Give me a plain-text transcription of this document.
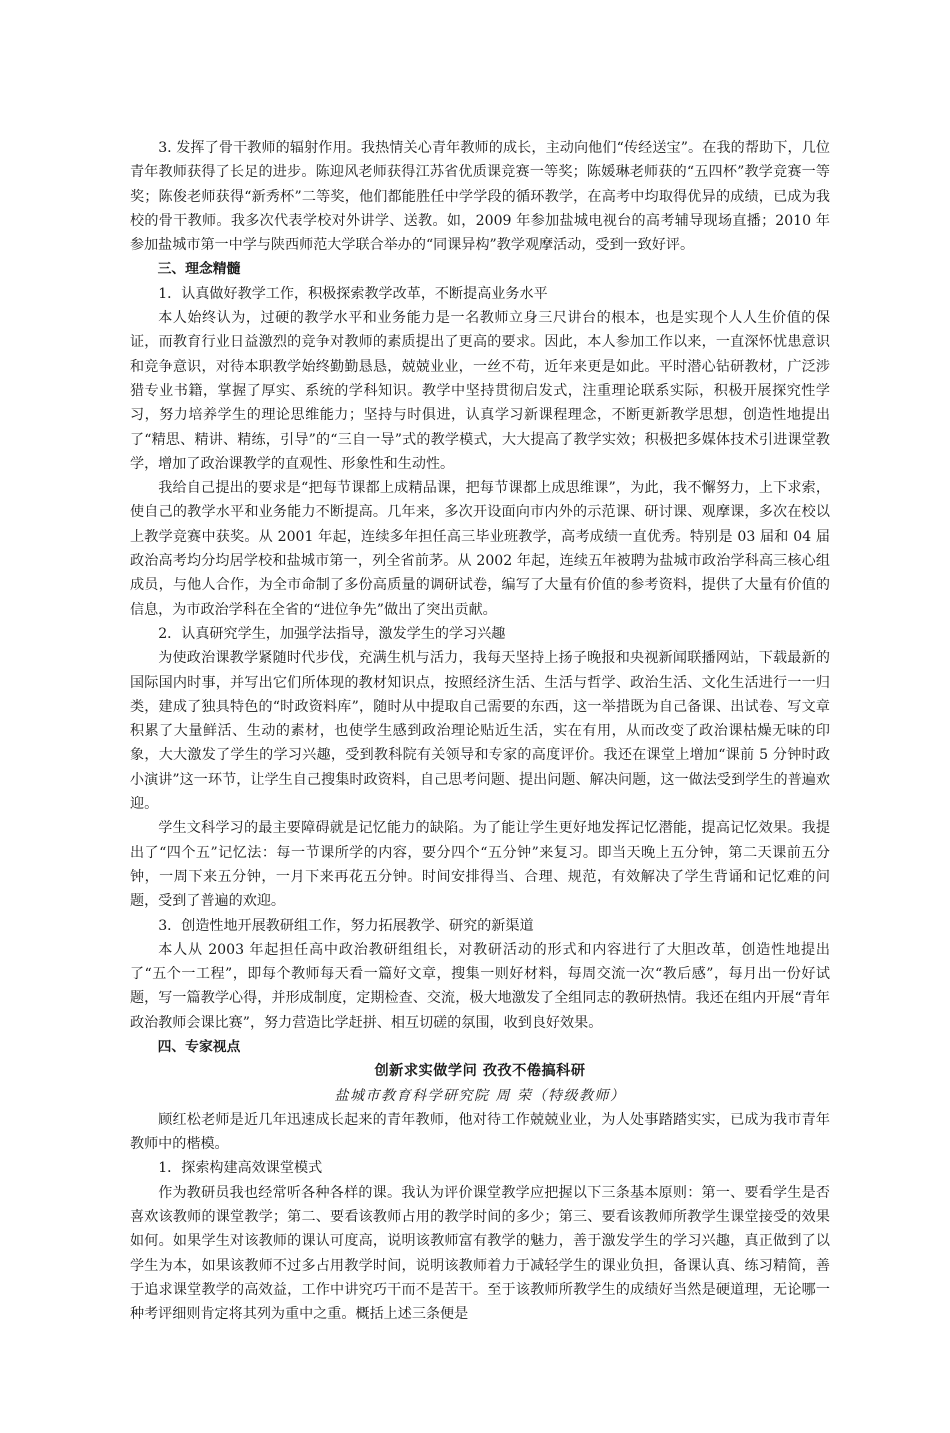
3. 发挥了骨干教师的辐射作用。我热情关心青年教师的成长，主动向他们“传经送宝”。在我的帮助下，几位青年教师获得了长足的进步。陈迎风老师获得江苏省优质课竞赛一等奖；陈媛琳老师获的“五四杯”教学竞赛一等奖；陈俊老师获得“新秀杯”二等奖，他们都能胜任中学学段的循环教学，在高考中均取得优异的成绩，已成为我校的骨干教师。我多次代表学校对外讲学、送教。如，2009 年参加盐城电视台的高考辅导现场直播；2010 年参加盐城市第一中学与陕西师范大学联合举办的“同课异构”教学观摩活动，受到一致好评。

三、理念精髓

1．认真做好教学工作，积极探索教学改革，不断提高业务水平

本人始终认为，过硬的教学水平和业务能力是一名教师立身三尺讲台的根本，也是实现个人人生价值的保证，而教育行业日益激烈的竞争对教师的素质提出了更高的要求。因此，本人参加工作以来，一直深怀忧患意识和竞争意识，对待本职教学始终勤勤恳恳，兢兢业业，一丝不苟，近年来更是如此。平时潜心钻研教材，广泛涉猎专业书籍，掌握了厚实、系统的学科知识。教学中坚持贯彻启发式，注重理论联系实际，积极开展探究性学习，努力培养学生的理论思维能力；坚持与时俱进，认真学习新课程理念，不断更新教学思想，创造性地提出了“精思、精讲、精练，引导”的“三自一导”式的教学模式，大大提高了教学实效；积极把多媒体技术引进课堂教学，增加了政治课教学的直观性、形象性和生动性。

我给自己提出的要求是“把每节课都上成精品课，把每节课都上成思维课”，为此，我不懈努力，上下求索，使自己的教学水平和业务能力不断提高。几年来，多次开设面向市内外的示范课、研讨课、观摩课，多次在校以上教学竞赛中获奖。从 2001 年起，连续多年担任高三毕业班教学，高考成绩一直优秀。特别是 03 届和 04 届政治高考均分均居学校和盐城市第一，列全省前茅。从 2002 年起，连续五年被聘为盐城市政治学科高三核心组成员，与他人合作，为全市命制了多份高质量的调研试卷，编写了大量有价值的参考资料，提供了大量有价值的信息，为市政治学科在全省的“进位争先”做出了突出贡献。

2．认真研究学生，加强学法指导，激发学生的学习兴趣

为使政治课教学紧随时代步伐，充满生机与活力，我每天坚持上扬子晚报和央视新闻联播网站，下载最新的国际国内时事，并写出它们所体现的教材知识点，按照经济生活、生活与哲学、政治生活、文化生活进行一一归类，建成了独具特色的“时政资料库”，随时从中提取自己需要的东西，这一举措既为自己备课、出试卷、写文章积累了大量鲜活、生动的素材，也使学生感到政治理论贴近生活，实在有用，从而改变了政治课枯燥无味的印象，大大激发了学生的学习兴趣，受到教科院有关领导和专家的高度评价。我还在课堂上增加“课前 5 分钟时政小演讲”这一环节，让学生自己搜集时政资料，自己思考问题、提出问题、解决问题，这一做法受到学生的普遍欢迎。

学生文科学习的最主要障碍就是记忆能力的缺陷。为了能让学生更好地发挥记忆潜能，提高记忆效果。我提出了“四个五”记忆法：每一节课所学的内容，要分四个“五分钟”来复习。即当天晚上五分钟，第二天课前五分钟，一周下来五分钟，一月下来再花五分钟。时间安排得当、合理、规范，有效解决了学生背诵和记忆难的问题，受到了普遍的欢迎。

3．创造性地开展教研组工作，努力拓展教学、研究的新渠道

本人从 2003 年起担任高中政治教研组组长，对教研活动的形式和内容进行了大胆改革，创造性地提出了“五个一工程”，即每个教师每天看一篇好文章，搜集一则好材料，每周交流一次“教后感”，每月出一份好试题，写一篇教学心得，并形成制度，定期检查、交流，极大地激发了全组同志的教研热情。我还在组内开展“青年政治教师会课比赛”，努力营造比学赶拼、相互切磋的氛围，收到良好效果。

四、专家视点

创新求实做学问 孜孜不倦搞科研

盐城市教育科学研究院 周 荣（特级教师）

顾红松老师是近几年迅速成长起来的青年教师，他对待工作兢兢业业，为人处事踏踏实实，已成为我市青年教师中的楷模。

1．探索构建高效课堂模式

作为教研员我也经常听各种各样的课。我认为评价课堂教学应把握以下三条基本原则：第一、要看学生是否喜欢该教师的课堂教学；第二、要看该教师占用的教学时间的多少；第三、要看该教师所教学生课堂接受的效果如何。如果学生对该教师的课认可度高，说明该教师富有教学的魅力，善于激发学生的学习兴趣，真正做到了以学生为本，如果该教师不过多占用教学时间，说明该教师着力于减轻学生的课业负担，备课认真、练习精简，善于追求课堂教学的高效益，工作中讲究巧干而不是苦干。至于该教师所教学生的成绩好当然是硬道理，无论哪一种考评细则肯定将其列为重中之重。概括上述三条便是
